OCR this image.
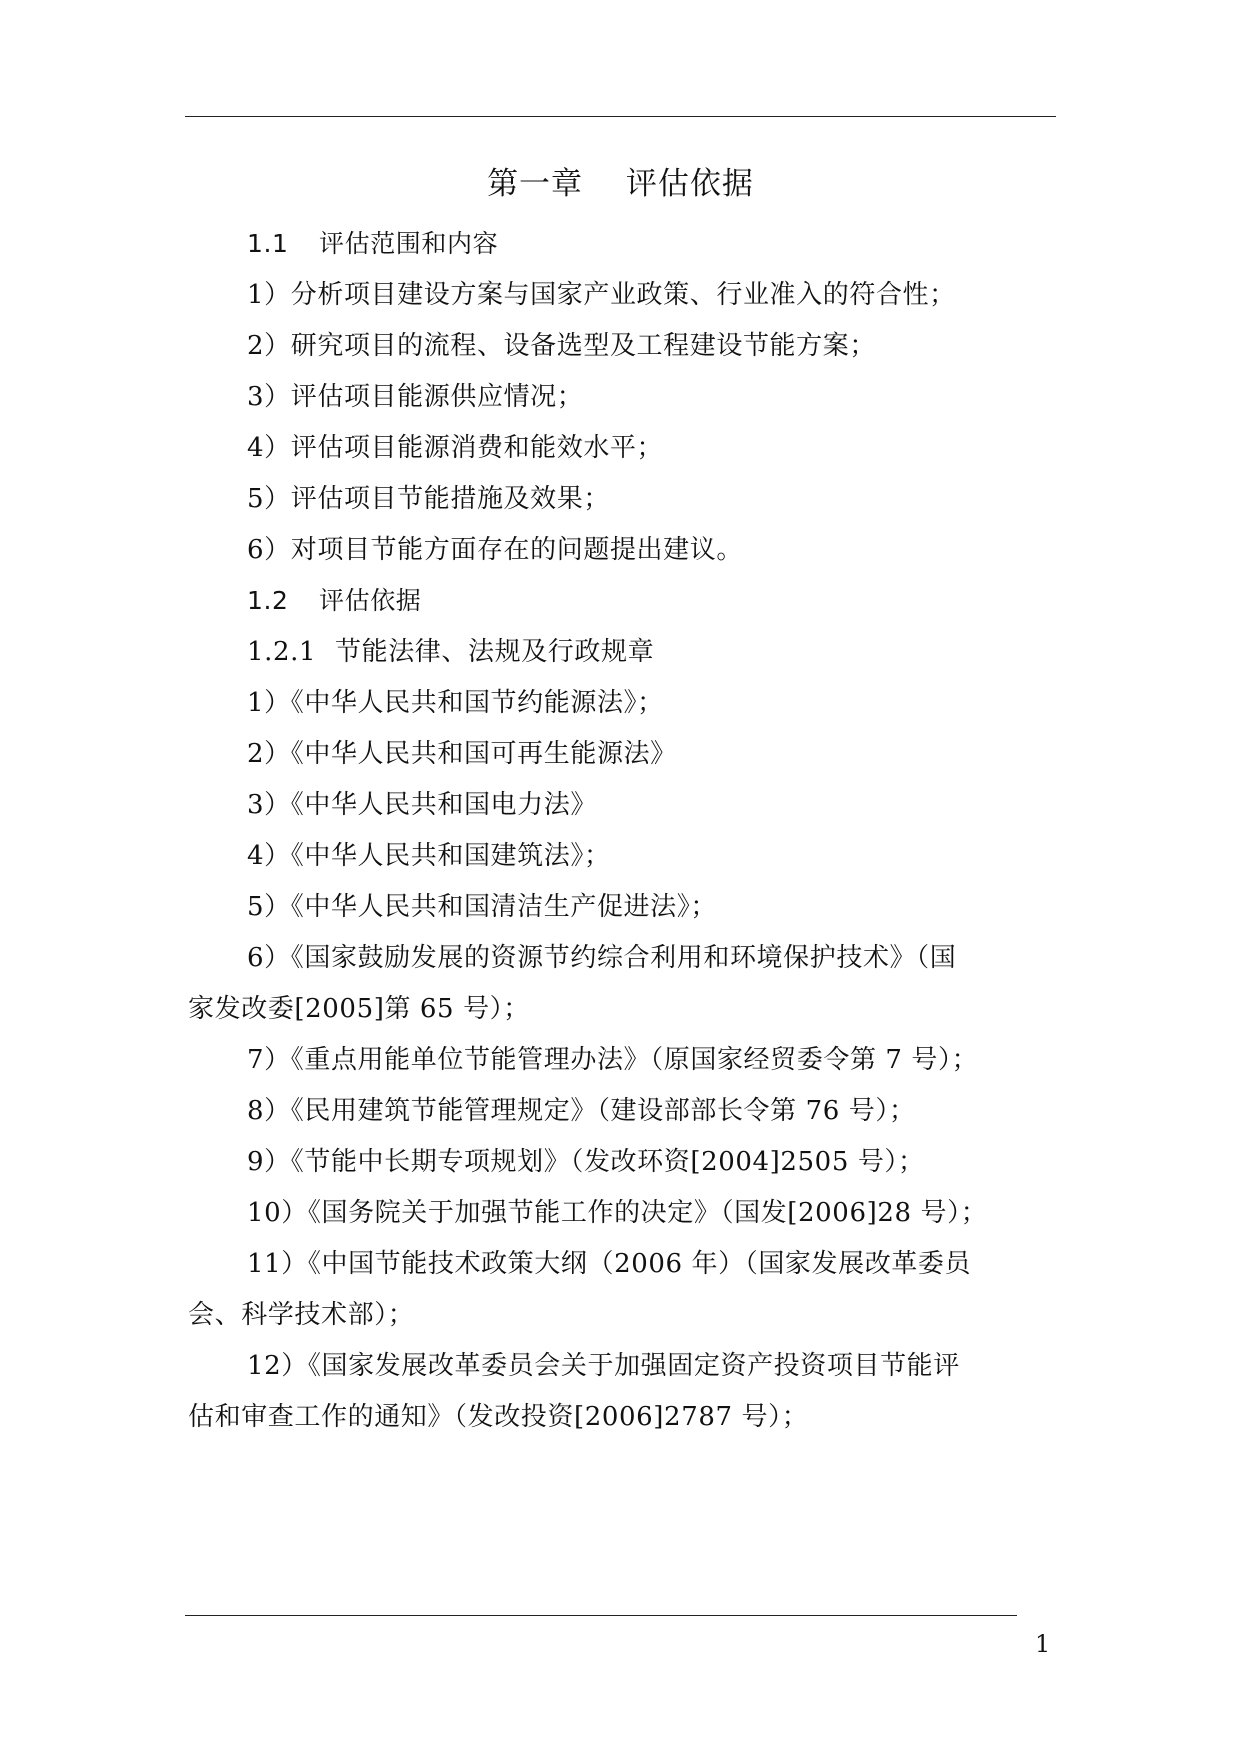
第一章　 评估依据
1.1 评估范围和内容
1）分析项目建设方案与国家产业政策、行业准入的符合性；
2）研究项目的流程、设备选型及工程建设节能方案；
3）评估项目能源供应情况；
4）评估项目能源消费和能效水平；
5）评估项目节能措施及效果；
6）对项目节能方面存在的问题提出建议。
1.2 评估依据
1.2.1 节能法律、法规及行政规章
1）《中华人民共和国节约能源法》；
2）《中华人民共和国可再生能源法》
3）《中华人民共和国电力法》
4）《中华人民共和国建筑法》；
5）《中华人民共和国清洁生产促进法》；
6）《国家鼓励发展的资源节约综合利用和环境保护技术》（国
家发改委[2005]第 65 号）；
7）《重点用能单位节能管理办法》（原国家经贸委令第 7 号）；
8）《民用建筑节能管理规定》（建设部部长令第 76 号）；
9）《节能中长期专项规划》（发改环资[2004]2505 号）；
10）《国务院关于加强节能工作的决定》（国发[2006]28 号）；
11）《中国节能技术政策大纲（2006 年）（国家发展改革委员
会、科学技术部）；
12）《国家发展改革委员会关于加强固定资产投资项目节能评
估和审查工作的通知》（发改投资[2006]2787 号）；
1
